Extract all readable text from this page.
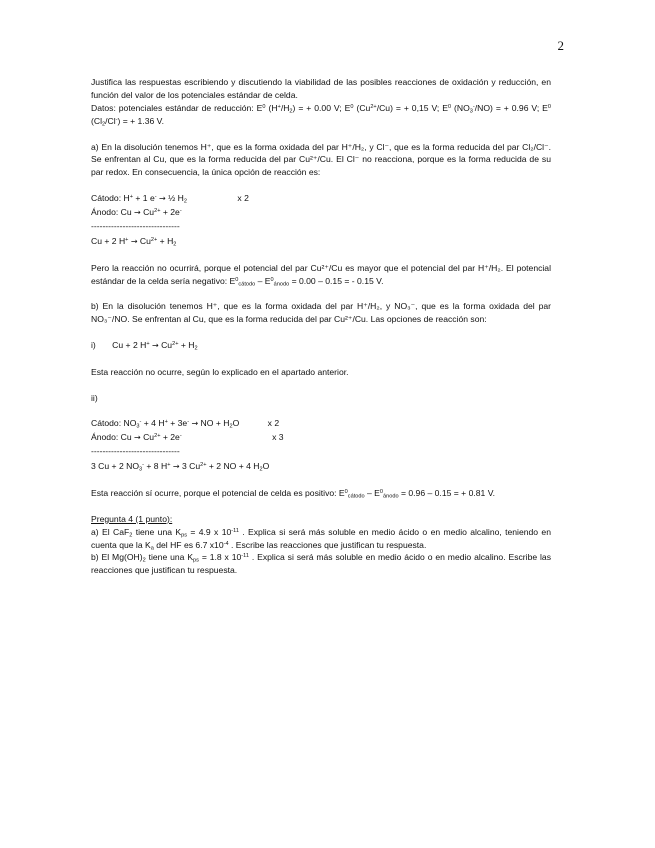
2

Justifica las respuestas escribiendo y discutiendo la viabilidad de las posibles reacciones de oxidación y reducción, en función del valor de los potenciales estándar de celda.
Datos: potenciales estándar de reducción: $E^0$ $(H^+/H_2)$ = + 0.00 V; $E^0$ $(Cu^{2+}/Cu)$ = + 0,15 V; $E^0$ $(NO_3^-/NO)$ = + 0.96 V; $E^0$ $(Cl_2/Cl^-)$ = + 1.36 V.

a) En la disolución tenemos H⁺, que es la forma oxidada del par H⁺/H₂, y Cl⁻, que es la forma reducida del par Cl₂/Cl⁻. Se enfrentan al Cu, que es la forma reducida del par Cu²⁺/Cu. El Cl⁻ no reacciona, porque es la forma reducida de su par redox. En consecuencia, la única opción de reacción es:

Cátodo: H+ + 1 e- → ½ $H_2$	x 2
Ánodo: $Cu \to Cu^{2+} + 2e^-$
-------------------------------
Cu + 2 $H^+ \to Cu^{2+} + H_2$

Pero la reacción no ocurrirá, porque el potencial del par Cu²⁺/Cu es mayor que el potencial del par H⁺/H₂. El potencial estándar de la celda sería negativo: $E^0_{cátodo} - E^0_{ánodo} = 0.00 - 0.15$ = - 0.15 V.

b) En la disolución tenemos H⁺, que es la forma oxidada del par H⁺/H₂, y NO₃⁻, que es la forma oxidada del par NO₃⁻/NO. Se enfrentan al Cu, que es la forma reducida del par Cu²⁺/Cu. Las opciones de reacción son:

i) Cu + 2 $H^+ \to Cu^{2+} + H_2$

Esta reacción no ocurre, según lo explicado en el apartado anterior.

ii)
Cátodo: $NO_3^- + 4$ H+ + 3e- → NO + $H_2O$	x 2
Ánodo: $Cu \to Cu^{2+} + 2e^-$	x 3
-------------------------------
3 Cu + 2 $NO_3^- + 8$ H+ → 3 $Cu^{2+} + 2$ NO + 4 $H_2O$

Esta reacción sí ocurre, porque el potencial de celda es positivo: $E^0_{cátodo} - E^0_{ánodo} = 0.96 - 0.15$ = + 0.81 V.

Pregunta 4 (1 punto):

a) El CaF$_2$ tiene una $K_{ps} = 4.9$ x $10^{-11}$ . Explica si será más soluble en medio ácido o en medio alcalino, teniendo en cuenta que la $K_a$ del HF es 6.7 $x10^{-4}$ . Escribe las reacciones que justifican tu respuesta.

b) El $Mg(OH)_2$ tiene una $K_{ps} = 1.8$ x $10^{-11}$ . Explica si será más soluble en medio ácido o en medio alcalino. Escribe las reacciones que justifican tu respuesta.
